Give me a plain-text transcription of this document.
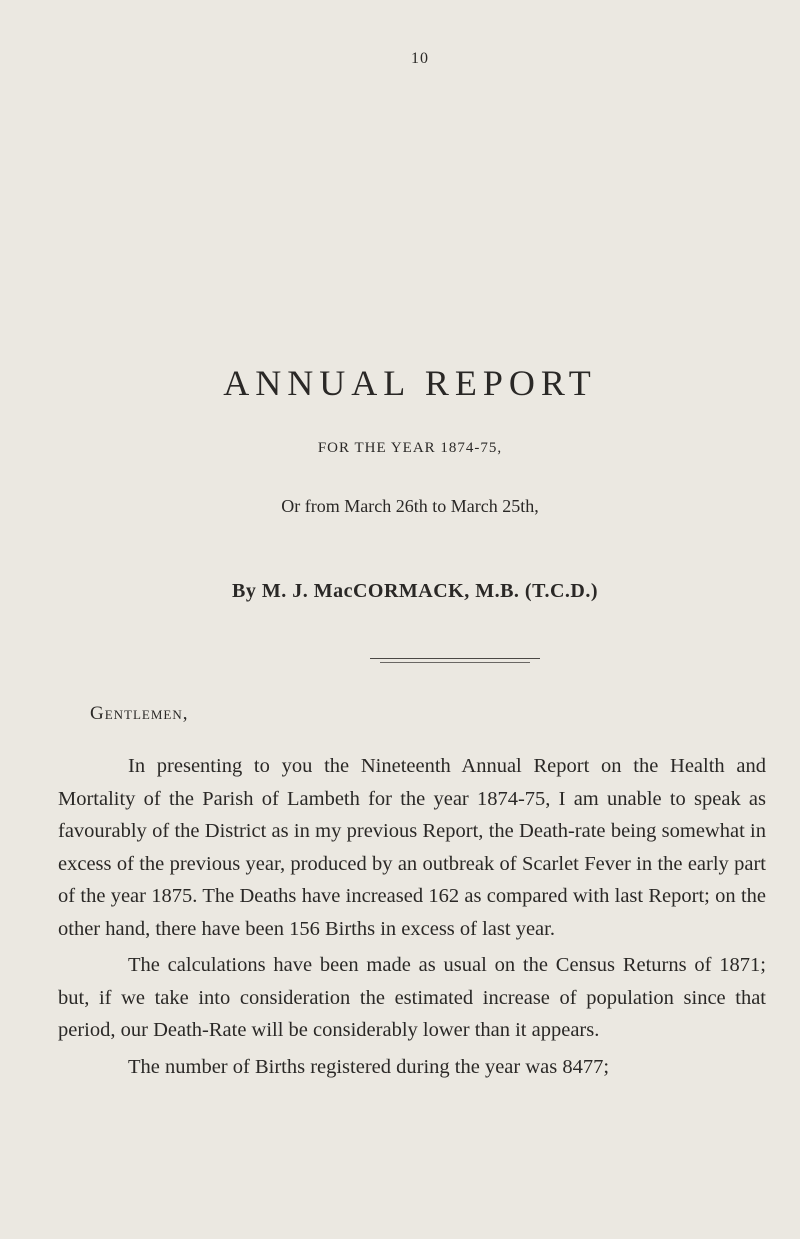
10
ANNUAL REPORT
FOR THE YEAR 1874-75,
Or from March 26th to March 25th,
By M. J. MacCORMACK, M.B. (T.C.D.)
Gentlemen,

In presenting to you the Nineteenth Annual Report on the Health and Mortality of the Parish of Lambeth for the year 1874-75, I am unable to speak as favourably of the District as in my previous Report, the Death-rate being somewhat in excess of the previous year, produced by an outbreak of Scarlet Fever in the early part of the year 1875. The Deaths have increased 162 as compared with last Report; on the other hand, there have been 156 Births in excess of last year.

The calculations have been made as usual on the Census Returns of 1871; but, if we take into consideration the estimated increase of population since that period, our Death-Rate will be considerably lower than it appears.

The number of Births registered during the year was 8477;
